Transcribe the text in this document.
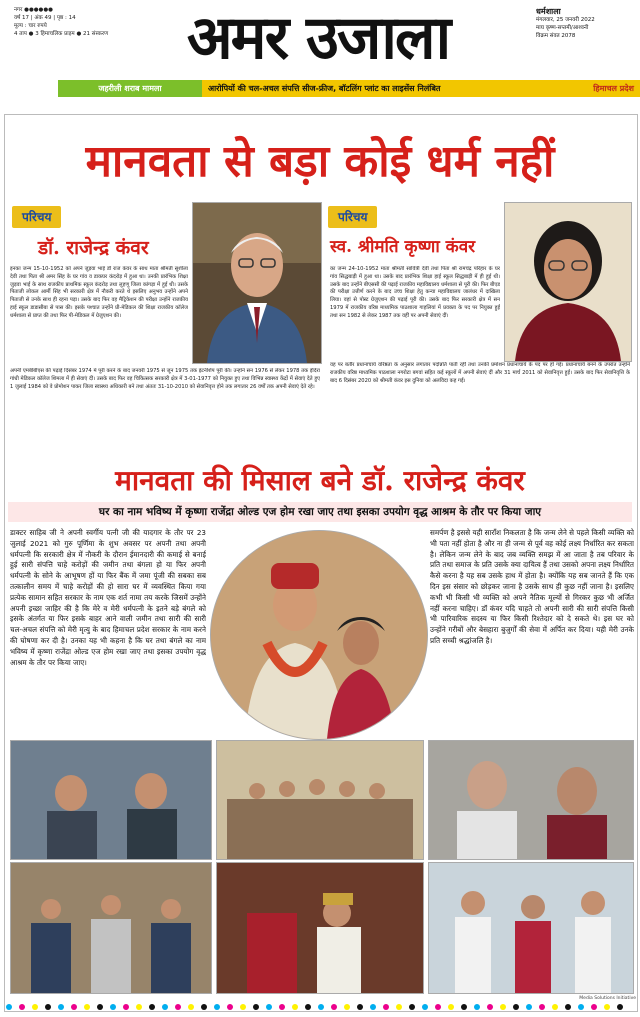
नगर ●●●●●●
वर्ष 17 | अंक 49 | पृष्ठ : 14
मूल्य : चार रुपये
4 ताप ● 3 हिमाचलिक प्राइम ● 21 संस्करण	अमर उजाला	धर्मशाला
मंगलवार, 25 जनवरी 2022
माघ कृष्ण-सप्तमी/आश्वनी
विक्रम संवत 2078
जहरीली शराब मामला	आरोपियों की चल-अचल संपत्ति सीज-फ्रीज, बॉटलिंग प्लांट का लाइसेंस निलंबित	हिमाचल प्रदेश
मानवता से बड़ा कोई धर्म नहीं
परिचय
डॉ. राजेन्द्र कंवर
इनका जन्म 15-10-1952 को अपने जुड़वा भाई डॉ राज कंवर के साथ माता श्रीमती सुशीला देवी तथा पिता श्री अमर सिंह के घर गांव व डाकघर कंदरोड़ में हुआ था। उनकी प्रारंभिक शिक्षा जुड़वा भाई के साथ राजकीय प्राथमिक स्कूल कंदरोड़ तथा लुहणू जिला कांगड़ा में हुई थी। उसके पिताजी लोकल आर्मी सिंह भी सरकारी क्षेत्र में नौकरी करते थे इसलिए अनुभव उन्होंने अपने पिताजी से उनके साथ ही रहना पड़ा। उसके बाद फिर वह मैट्रिकेशन की परीक्षा उन्होंने राजकीय हाई स्कूल डाडासीबा से पास की। इसके पश्चात उन्होंने प्री-मेडिकल की शिक्षा राजकीय कॉलेज धर्मशाला से प्राप्त की तथा फिर पी-मेडिकल में ग्रेजुएशन की।
अपनी एमबीबीएस की पढ़ाई दिसंबर 1974 में पूरी करने के बाद जनवरी 1975 से जून 1975 तक इंटर्नशिप पूरी की। उन्होंने सन 1976 से लेकर 1978 तक इंदिरा गांधी मेडिकल कॉलेज शिमला में ही सेवाएं दीं। उसके बाद फिर वह चिकित्सक सरकारी क्षेत्र में 3-01-1977 को नियुक्त हुए तथा विभिन्न स्वास्थ्य केंद्रों में सेवाएं देते हुए 1 जुलाई 1984 को वे प्रोमोशन पाकर जिला स्वास्थ्य अधिकारी बने तथा अंततः 31-10-2010 को सेवानिवृत्त होने तक लगातार 26 वर्षों तक अपनी सेवाएं देते रहे।
परिचय
स्व. श्रीमति कृष्णा कंवर
का जन्म 24-10-1952 माता श्रीमती सावित्री देवी तथा पिता श्री रामचंद्र परिहार के घर गांव सिद्धबाड़ी में हुआ था। उसके बाद प्रारंभिक शिक्षा हाई स्कूल सिद्धबाड़ी में ही हुई थी। उसके बाद उन्होंने बीएससी की पढ़ाई राजकीय महाविद्यालय धर्मशाला से पूरी की। फिर बीएड की परीक्षा उत्तीर्ण करने के बाद उच्च शिक्षा हेतु कन्या महाविद्यालय जालंधर में दाखिला लिया। वहां से पोस्ट ग्रेजुएशन की पढ़ाई पूरी की। उसके बाद फिर सरकारी क्षेत्र में सन 1979 में राजकीय वरिष्ठ माध्यमिक पाठशाला गाहलियां में प्रवक्ता के पद पर नियुक्त हुईं तथा सन 1982 से लेकर 1987 तक वहीं पर अपनी सेवाएं दीं।
वह पर बतौर प्रधानाचार्य वरिष्ठता के अनुसार लगातार पदोन्नति पाती रहीं तथा उनकी प्रमोशन प्रधानाचार्य के पद पर हो गई। प्रधानाचार्य बनने के उपरांत उन्होंने राजकीय वरिष्ठ माध्यमिक पाठशाला नगरोटा बगवां सहित कई स्कूलों में अपनी सेवाएं दीं और 31 मार्च 2011 को सेवानिवृत्त हुईं। उसके बाद फिर सेवानिवृत्ति के बाद 6 दिसंबर 2020 को श्रीमती कंवर इस दुनिया को अलविदा कह गईं।
मानवता की मिसाल बने डॉ. राजेन्द्र कंवर
घर का नाम भविष्य में कृष्णा राजेंद्रा ओल्ड एज होम रखा जाए तथा इसका उपयोग वृद्ध आश्रम के तौर पर किया जाए
डाक्टर साहिब जी ने अपनी स्वर्गीय पत्नी जी की यादगार के तौर पर 23 जुलाई 2021 को गुरु पूर्णिमा के शुभ अवसर पर अपनी तथा अपनी धर्मपत्नी कि सरकारी क्षेत्र में नौकरी के दौरान ईमानदारी की कमाई से बनाई हुई सारी संपत्ति चाहे करोड़ों की जमीन तथा बंगला हो या फिर अपनी धर्मपत्नी के सोने के आभूषण हों या फिर बैंक में जमा पूंजी की सबका सब तत्कालीन समय में चाहे करोड़ों की हो सारा घर में व्यवस्थित किया गया प्रत्येक सामान सहित सरकार के नाम एक शर्त नामा तय करके जिसमें उन्होंने अपनी इच्छा जाहिर की है कि मेरे व मेरी धर्मपत्नी के इतने बड़े बंगले को इसके अंतर्गत या फिर इसके बाहर आने वाली जमीन तथा सारी की सारी चल-अचल संपत्ति को मेरी मृत्यु के बाद हिमाचल प्रदेश सरकार के नाम करने की घोषणा कर दी है। उनका यह भी कहना है कि घर तथा बंगले का नाम भविष्य में कृष्णा राजेंद्रा ओल्ड एज होम रखा जाए तथा इसका उपयोग वृद्ध आश्रम के तौर पर किया जाए।
समर्पण है इससे यही साराँश निकलता है कि जन्म लेने से पहले किसी व्यक्ति को भी पता नहीं होता है और ना ही जन्म से पूर्व वह कोई लक्ष्य निर्धारित कर सकता है। लेकिन जन्म लेने के बाद जब व्यक्ति समझ में आ जाता है तब परिवार के प्रति तथा समाज के प्रति उसके क्या दायित्व हैं तथा उसको अपना लक्ष्य निर्धारित कैसे करना है यह सब उसके हाथ में होता है। क्योंकि यह सब जानते हैं कि एक दिन इस संसार को छोड़कर जाना है उसके साथ ही कुछ नहीं जाना है। इसलिए कभी भी किसी भी व्यक्ति को अपने नैतिक मूल्यों से गिरकर कुछ भी अर्जित नहीं करना चाहिए। डॉ कंवर यदि चाहते तो अपनी सारी की सारी संपत्ति किसी भी पारिवारिक सदस्य या फिर किसी रिश्तेदार को दे सकते थे। इस घर को उन्होंने गरीबों और बेसहारा बुजुर्गों की सेवा में अर्पित कर दिया। यही मेरी उनके प्रति सच्ची श्रद्धांजलि है।
Media Solutions Initiative
